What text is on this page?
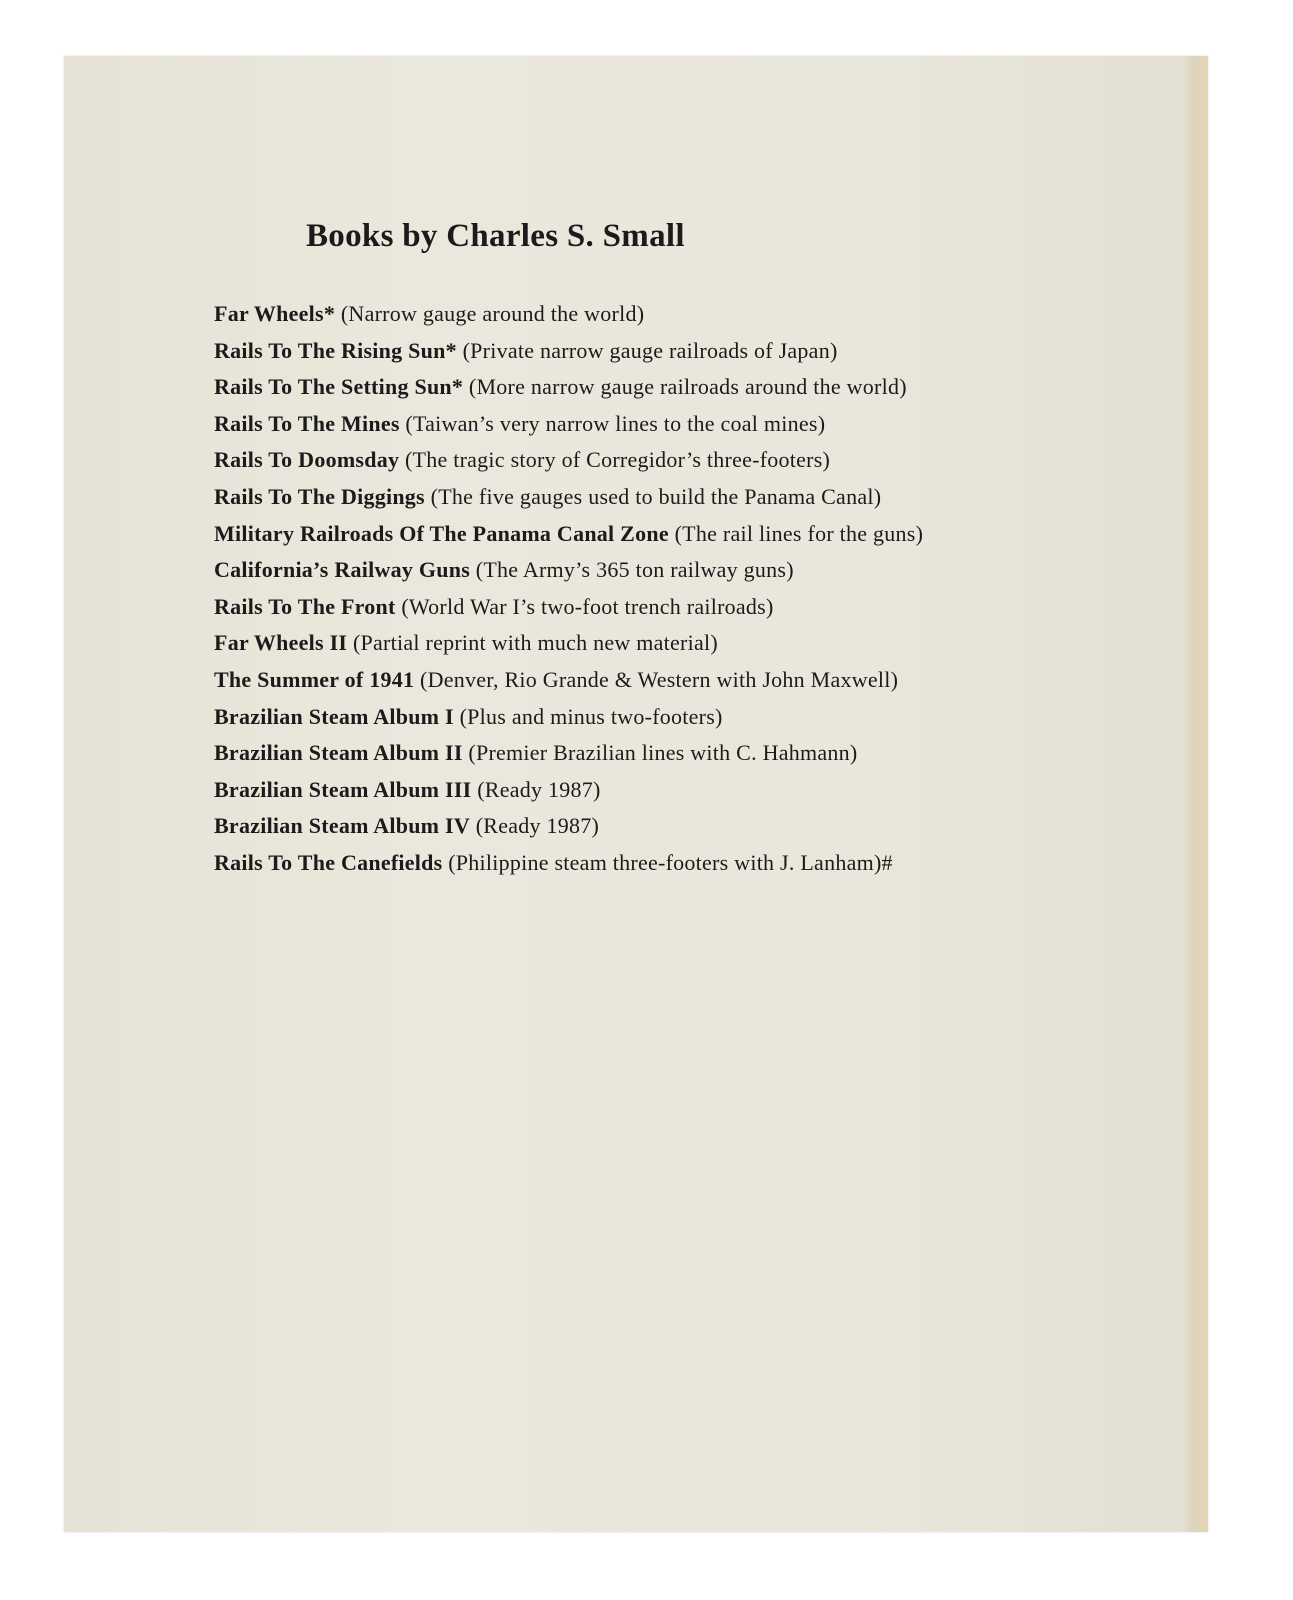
Books by Charles S. Small
Far Wheels* (Narrow gauge around the world)
Rails To The Rising Sun* (Private narrow gauge railroads of Japan)
Rails To The Setting Sun* (More narrow gauge railroads around the world)
Rails To The Mines (Taiwan’s very narrow lines to the coal mines)
Rails To Doomsday (The tragic story of Corregidor’s three-footers)
Rails To The Diggings (The five gauges used to build the Panama Canal)
Military Railroads Of The Panama Canal Zone (The rail lines for the guns)
California’s Railway Guns (The Army’s 365 ton railway guns)
Rails To The Front (World War I’s two-foot trench railroads)
Far Wheels II (Partial reprint with much new material)
The Summer of 1941 (Denver, Rio Grande & Western with John Maxwell)
Brazilian Steam Album I (Plus and minus two-footers)
Brazilian Steam Album II (Premier Brazilian lines with C. Hahmann)
Brazilian Steam Album III (Ready 1987)
Brazilian Steam Album IV (Ready 1987)
Rails To The Canefields (Philippine steam three-footers with J. Lanham)#
